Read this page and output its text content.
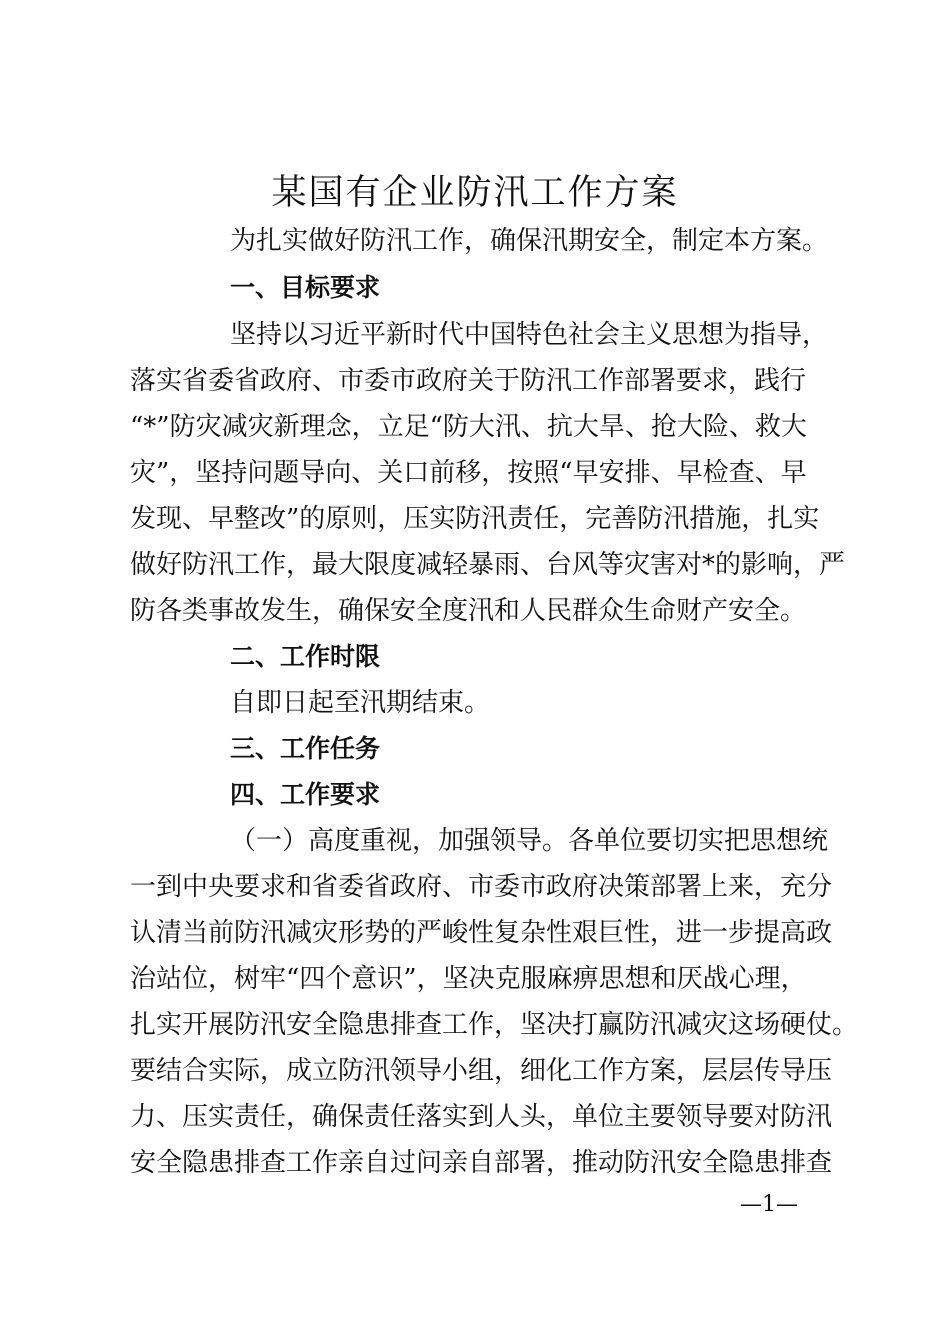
某国有企业防汛工作方案
为扎实做好防汛工作，确保汛期安全，制定本方案。
一、目标要求
坚持以习近平新时代中国特色社会主义思想为指导，
落实省委省政府、市委市政府关于防汛工作部署要求，践行
“*”防灾减灾新理念，立足“防大汛、抗大旱、抢大险、救大
灾”，坚持问题导向、关口前移，按照“早安排、早检查、早
发现、早整改”的原则，压实防汛责任，完善防汛措施，扎实
做好防汛工作，最大限度减轻暴雨、台风等灾害对*的影响，严
防各类事故发生，确保安全度汛和人民群众生命财产安全。
二、工作时限
自即日起至汛期结束。
三、工作任务
四、工作要求
（一）高度重视，加强领导。各单位要切实把思想统
一到中央要求和省委省政府、市委市政府决策部署上来，充分
认清当前防汛减灾形势的严峻性复杂性艰巨性，进一步提高政
治站位，树牢“四个意识”，坚决克服麻痹思想和厌战心理，
扎实开展防汛安全隐患排查工作，坚决打赢防汛减灾这场硬仗。
要结合实际，成立防汛领导小组，细化工作方案，层层传导压
力、压实责任，确保责任落实到人头，单位主要领导要对防汛
安全隐患排查工作亲自过问亲自部署，推动防汛安全隐患排查
—1—
